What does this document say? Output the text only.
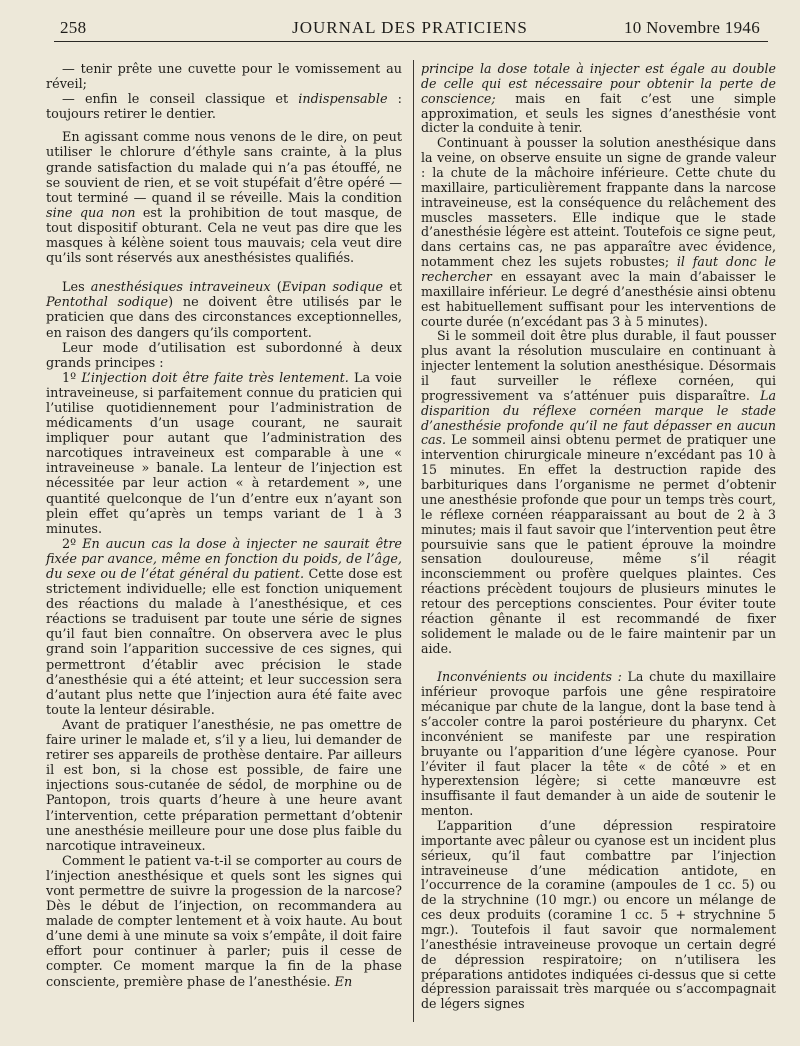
258	JOURNAL DES PRATICIENS	10 Novembre 1946

— tenir prête une cuvette pour le vomissement au réveil;

— enfin le conseil classique et indispensable : toujours retirer le dentier.

En agissant comme nous venons de le dire, on peut utiliser le chlorure d’éthyle sans crainte, à la plus grande satisfaction du malade qui n’a pas étouffé, ne se souvient de rien, et se voit stupéfait d’être opéré — tout terminé — quand il se réveille. Mais la condition sine qua non est la prohibition de tout masque, de tout dispositif obturant. Cela ne veut pas dire que les masques à kélène soient tous mauvais; cela veut dire qu’ils sont réservés aux anesthésistes qualifiés.

Les anesthésiques intraveineux (Evipan sodique et Pentothal sodique) ne doivent être utilisés par le praticien que dans des circonstances exceptionnelles, en raison des dangers qu’ils comportent.

Leur mode d’utilisation est subordonné à deux grands principes :

1º L’injection doit être faite très lentement. La voie intraveineuse, si parfaitement connue du praticien qui l’utilise quotidiennement pour l’administration de médicaments d’un usage courant, ne saurait impliquer pour autant que l’administration des narcotiques intraveineux est comparable à une « intraveineuse » banale. La lenteur de l’injection est nécessitée par leur action « à retardement », une quantité quelconque de l’un d’entre eux n’ayant son plein effet qu’après un temps variant de 1 à 3 minutes.

2º En aucun cas la dose à injecter ne saurait être fixée par avance, même en fonction du poids, de l’âge, du sexe ou de l’état général du patient. Cette dose est strictement individuelle; elle est fonction uniquement des réactions du malade à l’anesthésique, et ces réactions se traduisent par toute une série de signes qu’il faut bien connaître. On observera avec le plus grand soin l’apparition successive de ces signes, qui permettront d’établir avec précision le stade d’anesthésie qui a été atteint; et leur succession sera d’autant plus nette que l’injection aura été faite avec toute la lenteur désirable.

Avant de pratiquer l’anesthésie, ne pas omettre de faire uriner le malade et, s’il y a lieu, lui demander de retirer ses appareils de prothèse dentaire. Par ailleurs il est bon, si la chose est possible, de faire une injections sous-cutanée de sédol, de morphine ou de Pantopon, trois quarts d’heure à une heure avant l’intervention, cette préparation permettant d’obtenir une anesthésie meilleure pour une dose plus faible du narcotique intraveineux.

Comment le patient va-t-il se comporter au cours de l’injection anesthésique et quels sont les signes qui vont permettre de suivre la progession de la narcose? Dès le début de l’injection, on recommandera au malade de compter lentement et à voix haute. Au bout d’une demi à une minute sa voix s’empâte, il doit faire effort pour continuer à parler; puis il cesse de compter. Ce moment marque la fin de la phase consciente, première phase de l’anesthésie. En

principe la dose totale à injecter est égale au double de celle qui est nécessaire pour obtenir la perte de conscience; mais en fait c’est une simple approximation, et seuls les signes d’anesthésie vont dicter la conduite à tenir.

Continuant à pousser la solution anesthésique dans la veine, on observe ensuite un signe de grande valeur : la chute de la mâchoire inférieure. Cette chute du maxillaire, particulièrement frappante dans la narcose intraveineuse, est la conséquence du relâchement des muscles masseters. Elle indique que le stade d’anesthésie légère est atteint. Toutefois ce signe peut, dans certains cas, ne pas apparaître avec évidence, notamment chez les sujets robustes; il faut donc le rechercher en essayant avec la main d’abaisser le maxillaire inférieur. Le degré d’anesthésie ainsi obtenu est habituellement suffisant pour les interventions de courte durée (n’excédant pas 3 à 5 minutes).

Si le sommeil doit être plus durable, il faut pousser plus avant la résolution musculaire en continuant à injecter lentement la solution anesthésique. Désormais il faut surveiller le réflexe cornéen, qui progressivement va s’atténuer puis disparaître. La disparition du réflexe cornéen marque le stade d’anesthésie profonde qu’il ne faut dépasser en aucun cas. Le sommeil ainsi obtenu permet de pratiquer une intervention chirurgicale mineure n’excédant pas 10 à 15 minutes. En effet la destruction rapide des barbituriques dans l’organisme ne permet d’obtenir une anesthésie profonde que pour un temps très court, le réflexe cornéen réapparaissant au bout de 2 à 3 minutes; mais il faut savoir que l’intervention peut être poursuivie sans que le patient éprouve la moindre sensation douloureuse, même s’il réagit inconsciemment ou profère quelques plaintes. Ces réactions précèdent toujours de plusieurs minutes le retour des perceptions conscientes. Pour éviter toute réaction gênante il est recommandé de fixer solidement le malade ou de le faire maintenir par un aide.

Inconvénients ou incidents : La chute du maxillaire inférieur provoque parfois une gêne respiratoire mécanique par chute de la langue, dont la base tend à s’accoler contre la paroi postérieure du pharynx. Cet inconvénient se manifeste par une respiration bruyante ou l’apparition d’une légère cyanose. Pour l’éviter il faut placer la tête « de côté » et en hyperextension légère; si cette manœuvre est insuffisante il faut demander à un aide de soutenir le menton.

L’apparition d’une dépression respiratoire importante avec pâleur ou cyanose est un incident plus sérieux, qu’il faut combattre par l’injection intraveineuse d’une médication antidote, en l’occurrence de la coramine (ampoules de 1 cc. 5) ou de la strychnine (10 mgr.) ou encore un mélange de ces deux produits (coramine 1 cc. 5 + strychnine 5 mgr.). Toutefois il faut savoir que normalement l’anesthésie intraveineuse provoque un certain degré de dépression respiratoire; on n’utilisera les préparations antidotes indiquées ci-dessus que si cette dépression paraissait très marquée ou s’accompagnait de légers signes
